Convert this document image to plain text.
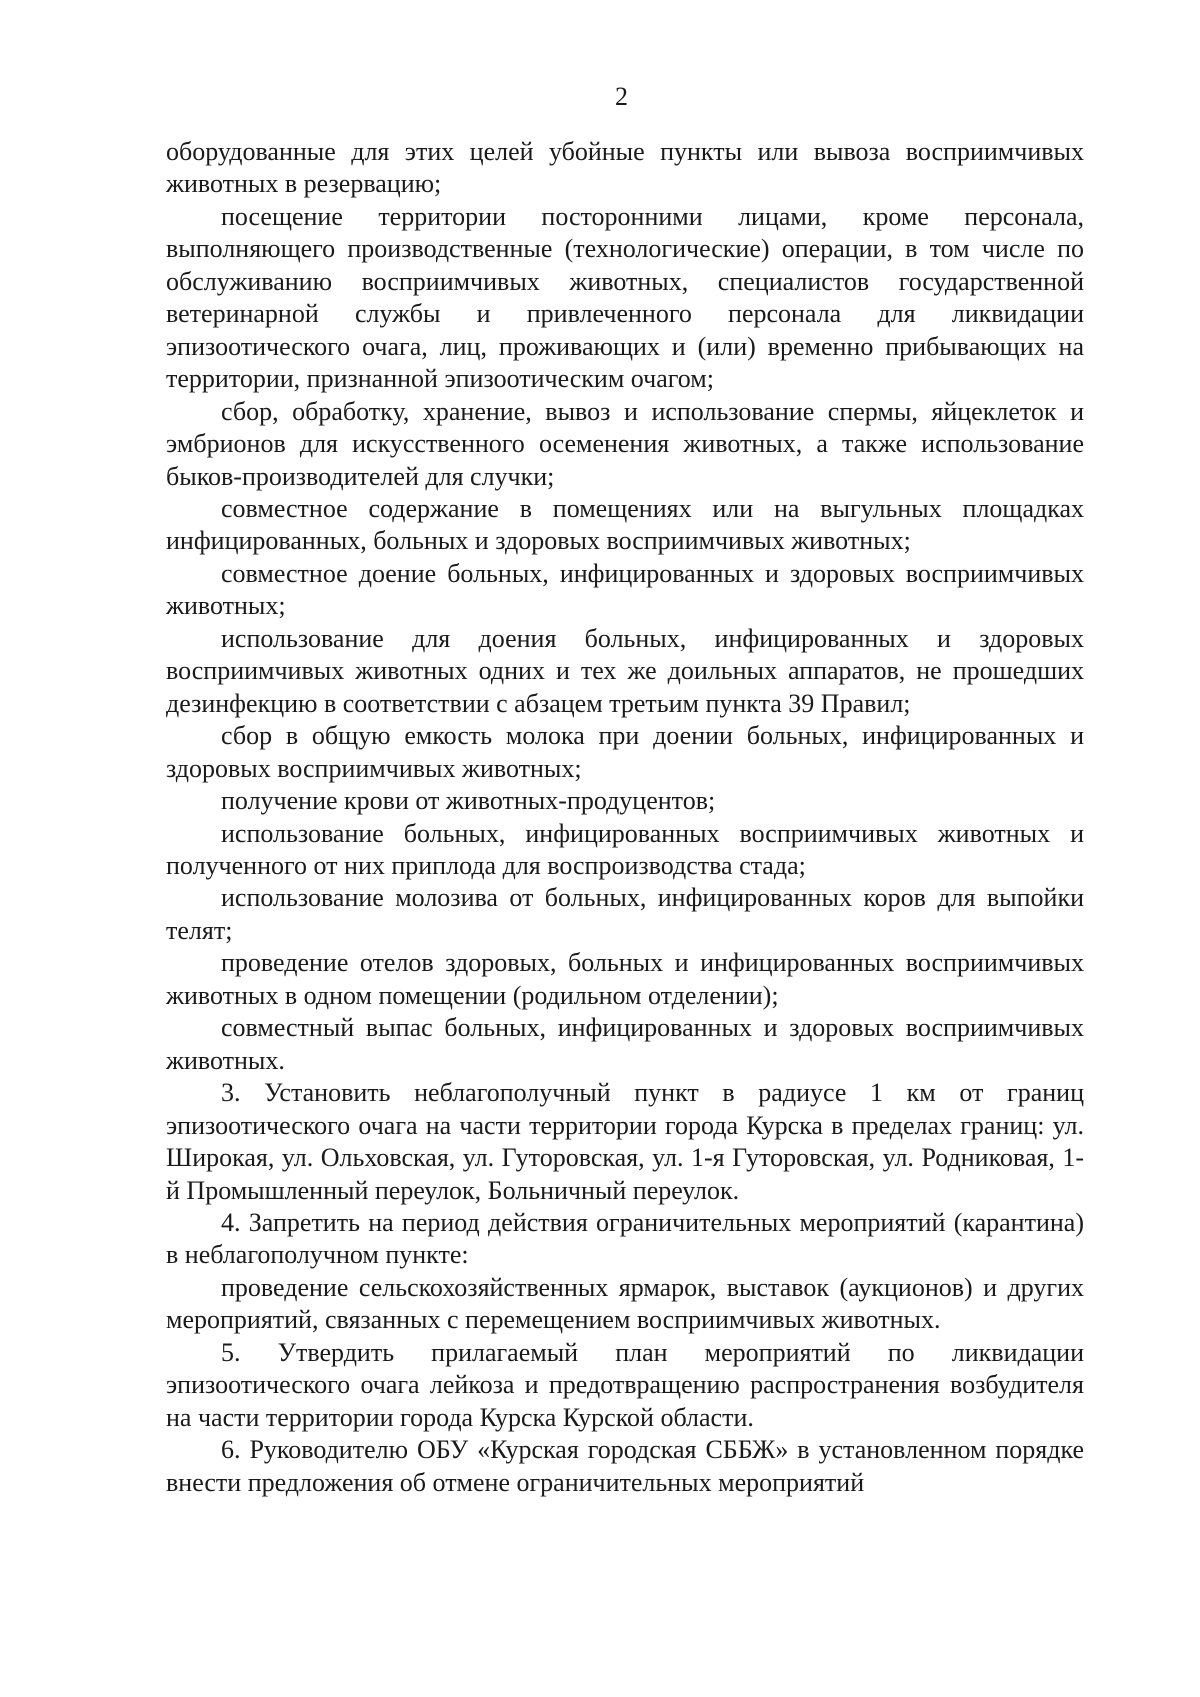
2

оборудованные для этих целей убойные пункты или вывоза восприимчивых животных в резервацию;

посещение территории посторонними лицами, кроме персонала, выполняющего производственные (технологические) операции, в том числе по обслуживанию восприимчивых животных, специалистов государственной ветеринарной службы и привлеченного персонала для ликвидации эпизоотического очага, лиц, проживающих и (или) временно прибывающих на территории, признанной эпизоотическим очагом;

сбор, обработку, хранение, вывоз и использование спермы, яйцеклеток и эмбрионов для искусственного осеменения животных, а также использование быков-производителей для случки;

совместное содержание в помещениях или на выгульных площадках инфицированных, больных и здоровых восприимчивых животных;

совместное доение больных, инфицированных и здоровых восприимчивых животных;

использование для доения больных, инфицированных и здоровых восприимчивых животных одних и тех же доильных аппаратов, не прошедших дезинфекцию в соответствии с абзацем третьим пункта 39 Правил;

сбор в общую емкость молока при доении больных, инфицированных и здоровых восприимчивых животных;

получение крови от животных-продуцентов;

использование больных, инфицированных восприимчивых животных и полученного от них приплода для воспроизводства стада;

использование молозива от больных, инфицированных коров для выпойки телят;

проведение отелов здоровых, больных и инфицированных восприимчивых животных в одном помещении (родильном отделении);

совместный выпас больных, инфицированных и здоровых восприимчивых животных.

3. Установить неблагополучный пункт в радиусе 1 км от границ эпизоотического очага на части территории города Курска в пределах границ: ул. Широкая, ул. Ольховская, ул. Гуторовская, ул. 1-я Гуторовская, ул. Родниковая, 1-й Промышленный переулок, Больничный переулок.

4. Запретить на период действия ограничительных мероприятий (карантина) в неблагополучном пункте:

проведение сельскохозяйственных ярмарок, выставок (аукционов) и других мероприятий, связанных с перемещением восприимчивых животных.

5. Утвердить прилагаемый план мероприятий по ликвидации эпизоотического очага лейкоза и предотвращению распространения возбудителя на части территории города Курска Курской области.

6. Руководителю ОБУ «Курская городская СББЖ» в установленном порядке внести предложения об отмене ограничительных мероприятий
